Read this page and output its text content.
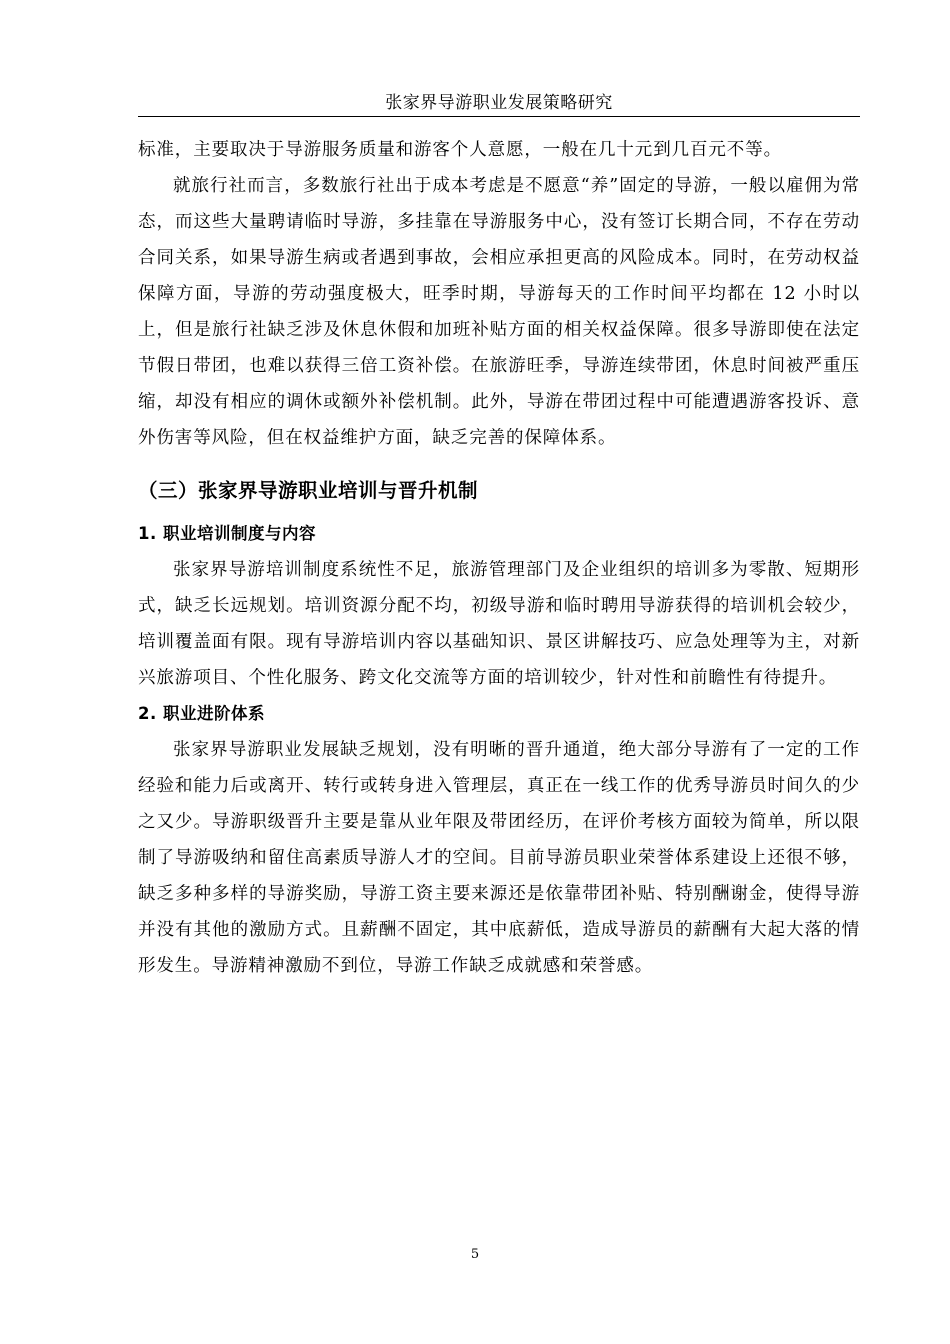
张家界导游职业发展策略研究

标准，主要取决于导游服务质量和游客个人意愿，一般在几十元到几百元不等。

就旅行社而言，多数旅行社出于成本考虑是不愿意“养”固定的导游，一般以雇佣为常态，而这些大量聘请临时导游，多挂靠在导游服务中心，没有签订长期合同，不存在劳动合同关系，如果导游生病或者遇到事故，会相应承担更高的风险成本。同时，在劳动权益保障方面，导游的劳动强度极大，旺季时期，导游每天的工作时间平均都在 12 小时以上，但是旅行社缺乏涉及休息休假和加班补贴方面的相关权益保障。很多导游即使在法定节假日带团，也难以获得三倍工资补偿。在旅游旺季，导游连续带团，休息时间被严重压缩，却没有相应的调休或额外补偿机制。此外，导游在带团过程中可能遭遇游客投诉、意外伤害等风险，但在权益维护方面，缺乏完善的保障体系。

（三）张家界导游职业培训与晋升机制
1. 职业培训制度与内容

张家界导游培训制度系统性不足，旅游管理部门及企业组织的培训多为零散、短期形式，缺乏长远规划。培训资源分配不均，初级导游和临时聘用导游获得的培训机会较少，培训覆盖面有限。现有导游培训内容以基础知识、景区讲解技巧、应急处理等为主，对新兴旅游项目、个性化服务、跨文化交流等方面的培训较少，针对性和前瞻性有待提升。

2. 职业进阶体系

张家界导游职业发展缺乏规划，没有明晰的晋升通道，绝大部分导游有了一定的工作经验和能力后或离开、转行或转身进入管理层，真正在一线工作的优秀导游员时间久的少之又少。导游职级晋升主要是靠从业年限及带团经历，在评价考核方面较为简单，所以限制了导游吸纳和留住高素质导游人才的空间。目前导游员职业荣誉体系建设上还很不够，缺乏多种多样的导游奖励，导游工资主要来源还是依靠带团补贴、特别酬谢金，使得导游并没有其他的激励方式。且薪酬不固定，其中底薪低，造成导游员的薪酬有大起大落的情形发生。导游精神激励不到位，导游工作缺乏成就感和荣誉感。

5
